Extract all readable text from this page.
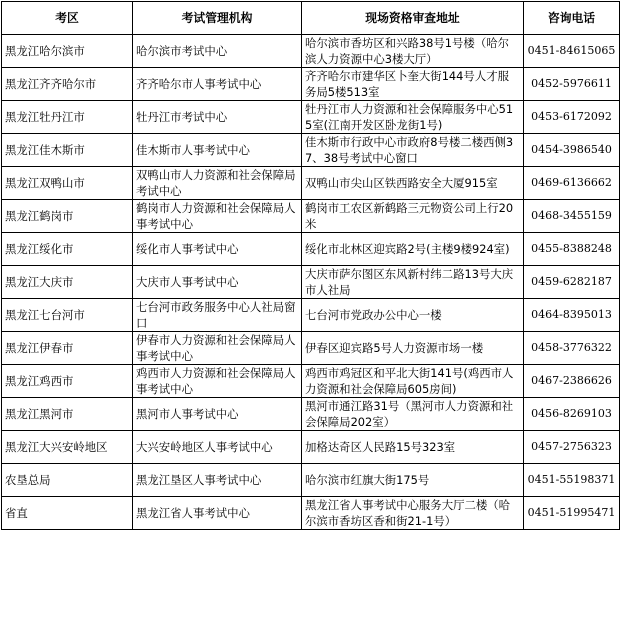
考区	考试管理机构	现场资格审查地址	咨询电话
黑龙江哈尔滨市	哈尔滨市考试中心	哈尔滨市香坊区和兴路38号1号楼（哈尔滨人力资源中心3楼大厅）	0451-84615065
黑龙江齐齐哈尔市	齐齐哈尔市人事考试中心	齐齐哈尔市建华区卜奎大街144号人才服务局5楼513室	0452-5976611
黑龙江牡丹江市	牡丹江市考试中心	牡丹江市人力资源和社会保障服务中心515室(江南开发区卧龙街1号)	0453-6172092
黑龙江佳木斯市	佳木斯市人事考试中心	佳木斯市行政中心市政府8号楼二楼西侧37、38号考试中心窗口	0454-3986540
黑龙江双鸭山市	双鸭山市人力资源和社会保障局考试中心	双鸭山市尖山区铁西路安全大厦915室	0469-6136662
黑龙江鹤岗市	鹤岗市人力资源和社会保障局人事考试中心	鹤岗市工农区新鹤路三元物资公司上行20米	0468-3455159
黑龙江绥化市	绥化市人事考试中心	绥化市北林区迎宾路2号(主楼9楼924室)	0455-8388248
黑龙江大庆市	大庆市人事考试中心	大庆市萨尔图区东风新村纬二路13号大庆市人社局	0459-6282187
黑龙江七台河市	七台河市政务服务中心人社局窗口	七台河市党政办公中心一楼	0464-8395013
黑龙江伊春市	伊春市人力资源和社会保障局人事考试中心	伊春区迎宾路5号人力资源市场一楼	0458-3776322
黑龙江鸡西市	鸡西市人力资源和社会保障局人事考试中心	鸡西市鸡冠区和平北大街141号(鸡西市人力资源和社会保障局605房间)	0467-2386626
黑龙江黑河市	黑河市人事考试中心	黑河市通江路31号（黑河市人力资源和社会保障局202室）	0456-8269103
黑龙江大兴安岭地区	大兴安岭地区人事考试中心	加格达奇区人民路15号323室	0457-2756323
农垦总局	黑龙江垦区人事考试中心	哈尔滨市红旗大街175号	0451-55198371
省直	黑龙江省人事考试中心	黑龙江省人事考试中心服务大厅二楼（哈尔滨市香坊区香和街21-1号）	0451-51995471
